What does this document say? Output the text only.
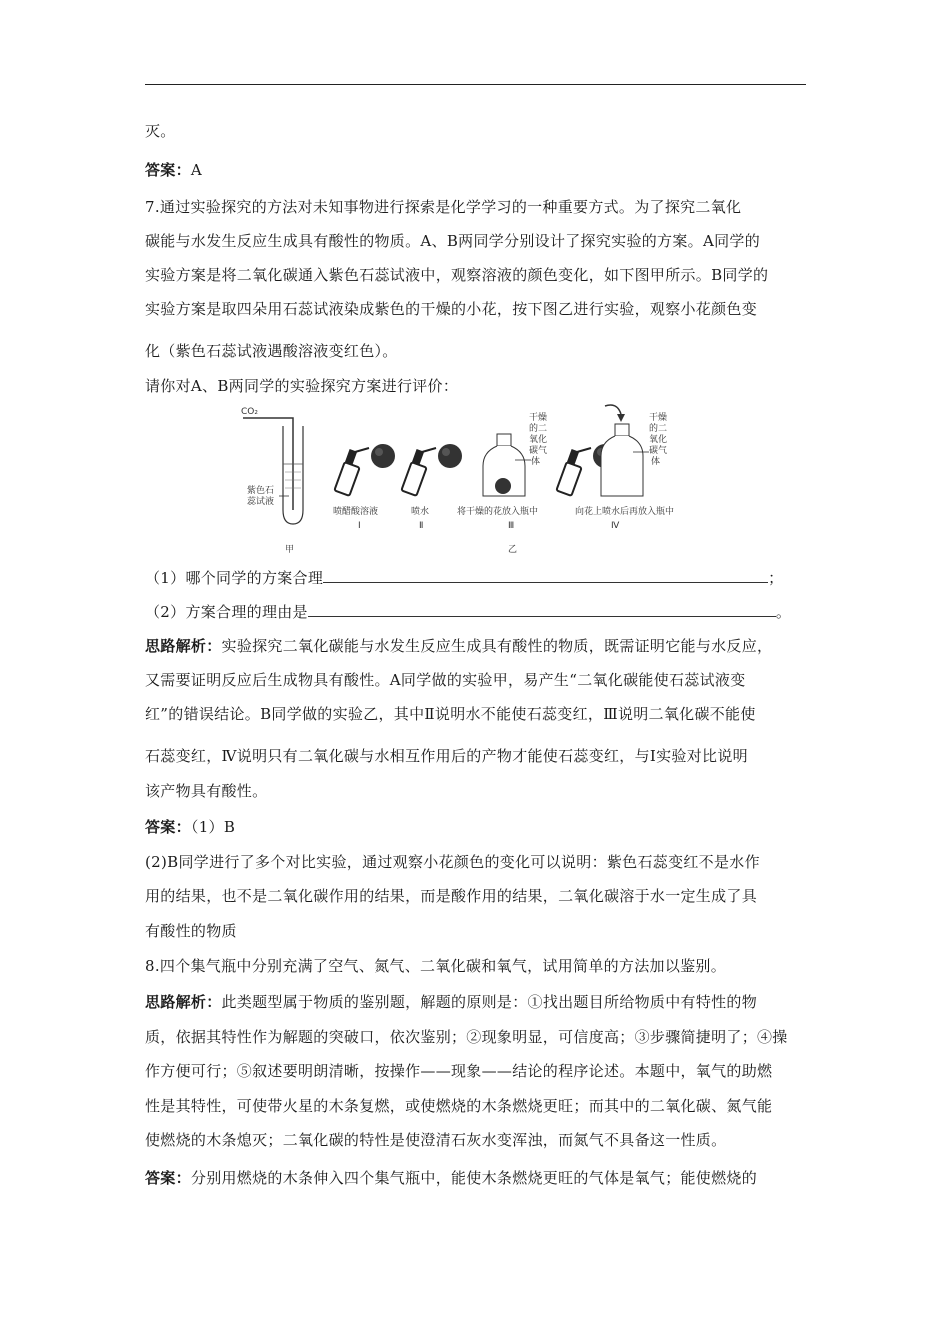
灭。
答案：A
7.通过实验探究的方法对未知事物进行探索是化学学习的一种重要方式。为了探究二氧化
碳能与水发生反应生成具有酸性的物质。A、B两同学分别设计了探究实验的方案。A同学的
实验方案是将二氧化碳通入紫色石蕊试液中，观察溶液的颜色变化，如下图甲所示。B同学的
实验方案是取四朵用石蕊试液染成紫色的干燥的小花，按下图乙进行实验，观察小花颜色变
化（紫色石蕊试液遇酸溶液变红色）。
请你对A、B两同学的实验探究方案进行评价：
CO₂
紫色石
蕊试液
甲
喷醋酸溶液
Ⅰ
喷水
Ⅱ
干燥
的二
氧化
碳气
体
将干燥的花放入瓶中
Ⅲ
乙
干燥
的二
氧化
碳气
体
向花上喷水后再放入瓶中
Ⅳ
（1）哪个同学的方案合理	；
（2）方案合理的理由是	。
思路解析：实验探究二氧化碳能与水发生反应生成具有酸性的物质，既需证明它能与水反应，
又需要证明反应后生成物具有酸性。A同学做的实验甲，易产生“二氧化碳能使石蕊试液变
红”的错误结论。B同学做的实验乙，其中Ⅱ说明水不能使石蕊变红，Ⅲ说明二氧化碳不能使
石蕊变红，Ⅳ说明只有二氧化碳与水相互作用后的产物才能使石蕊变红，与Ⅰ实验对比说明
该产物具有酸性。
答案：（1）B
(2)B同学进行了多个对比实验，通过观察小花颜色的变化可以说明：紫色石蕊变红不是水作
用的结果，也不是二氧化碳作用的结果，而是酸作用的结果，二氧化碳溶于水一定生成了具
有酸性的物质
8.四个集气瓶中分别充满了空气、氮气、二氧化碳和氧气，试用简单的方法加以鉴别。
思路解析：此类题型属于物质的鉴别题，解题的原则是：①找出题目所给物质中有特性的物
质，依据其特性作为解题的突破口，依次鉴别；②现象明显，可信度高；③步骤简捷明了；④操
作方便可行；⑤叙述要明朗清晰，按操作——现象——结论的程序论述。本题中，氧气的助燃
性是其特性，可使带火星的木条复燃，或使燃烧的木条燃烧更旺；而其中的二氧化碳、氮气能
使燃烧的木条熄灭；二氧化碳的特性是使澄清石灰水变浑浊，而氮气不具备这一性质。
答案：分别用燃烧的木条伸入四个集气瓶中，能使木条燃烧更旺的气体是氧气；能使燃烧的
